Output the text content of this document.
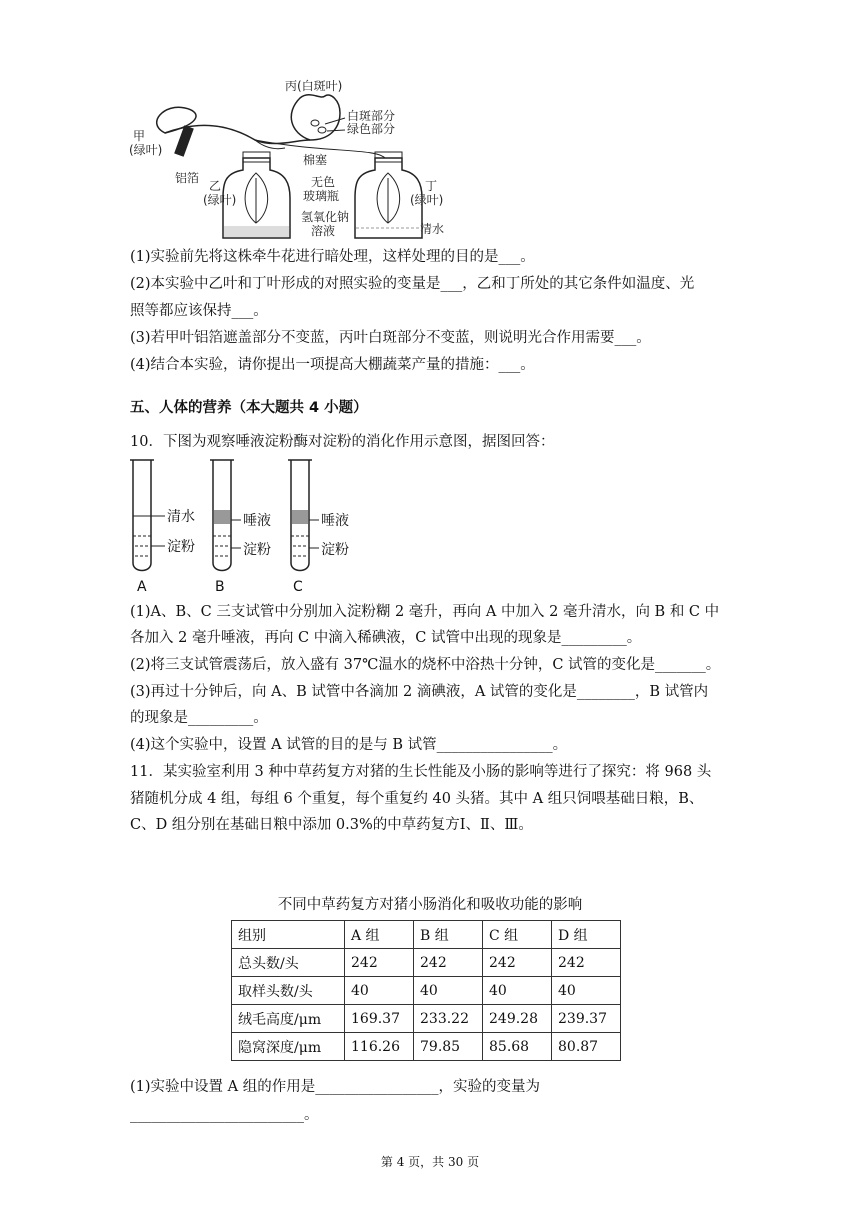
丙(白斑叶)
白斑部分
绿色部分
甲
(绿叶)
铝箔
棉塞
乙
(绿叶)
无色
玻璃瓶
氢氧化钠
溶液
丁
(绿叶)
清水
(1)实验前先将这株牵牛花进行暗处理，这样处理的目的是___。
(2)本实验中乙叶和丁叶形成的对照实验的变量是___，乙和丁所处的其它条件如温度、光
照等都应该保持___。
(3)若甲叶铝箔遮盖部分不变蓝，丙叶白斑部分不变蓝，则说明光合作用需要___。
(4)结合本实验，请你提出一项提高大棚蔬菜产量的措施：___。
五、人体的营养（本大题共 4 小题）
10．下图为观察唾液淀粉酶对淀粉的消化作用示意图，据图回答：
清水
淀粉
A
唾液
淀粉
B
唾液
淀粉
C
(1)A、B、C 三支试管中分别加入淀粉糊 2 毫升，再向 A 中加入 2 毫升清水，向 B 和 C 中
各加入 2 毫升唾液，再向 C 中滴入稀碘液，C 试管中出现的现象是_________。
(2)将三支试管震荡后，放入盛有 37℃温水的烧杯中浴热十分钟，C 试管的变化是_______。
(3)再过十分钟后，向 A、B 试管中各滴加 2 滴碘液，A 试管的变化是________，B 试管内
的现象是_________。
(4)这个实验中，设置 A 试管的目的是与 B 试管________________。
11．某实验室利用 3 种中草药复方对猪的生长性能及小肠的影响等进行了探究：将 968 头
猪随机分成 4 组，每组 6 个重复，每个重复约 40 头猪。其中 A 组只饲喂基础日粮，B、
C、D 组分别在基础日粮中添加 0.3%的中草药复方Ⅰ、Ⅱ、Ⅲ。
不同中草药复方对猪小肠消化和吸收功能的影响
组别	A 组	B 组	C 组	D 组
总头数/头	242	242	242	242
取样头数/头	40	40	40	40
绒毛高度/μm	169.37	233.22	249.28	239.37
隐窝深度/μm	116.26	79.85	85.68	80.87
(1)实验中设置 A 组的作用是_________________，实验的变量为
________________________。
第 4 页，共 30 页
